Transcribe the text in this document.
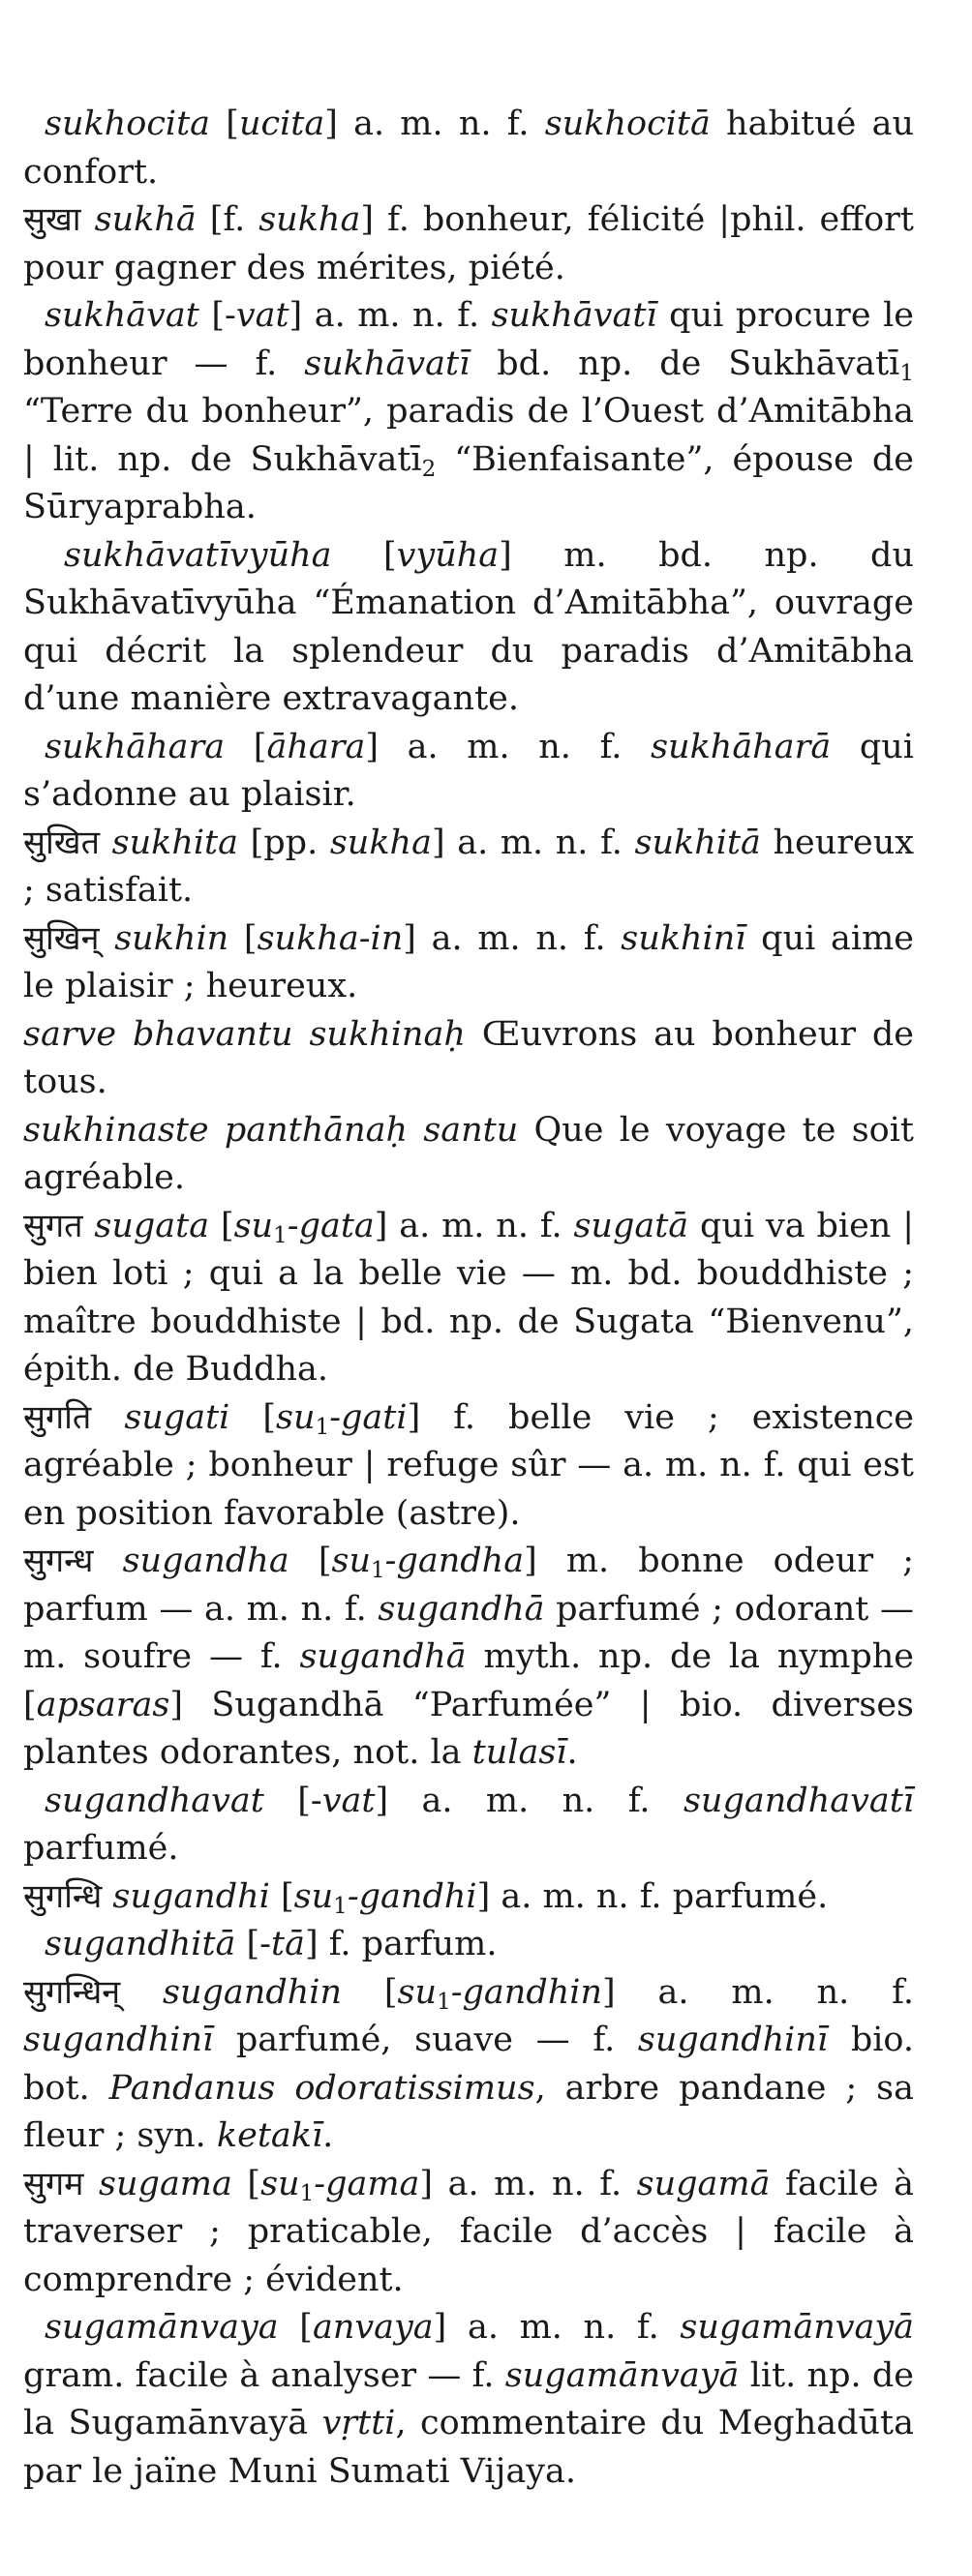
sukhocita [ucita] a. m. n. f. sukhocitā habitué au confort.

सुखा sukhā [f. sukha] f. bonheur, félicité |phil. effort pour gagner des mérites, piété.

sukhāvat [-vat] a. m. n. f. sukhāvatī qui procure le bonheur — f. sukhāvatī bd. np. de Sukhāvatī$_1$ “Terre du bonheur”, paradis de l’Ouest d’Amitābha | lit. np. de Sukhāvatī$_2$ “Bienfaisante”, épouse de Sūryaprabha.

sukhāvatīvyūha [vyūha] m. bd. np. du Sukhāvatīvyūha “Émanation d’Amitābha”, ouvrage qui décrit la splendeur du paradis d’Amitābha d’une manière extravagante.

sukhāhara [āhara] a. m. n. f. sukhāharā qui s’adonne au plaisir.

सुखित sukhita [pp. sukha] a. m. n. f. sukhitā heureux ; satisfait.

सुखिन् sukhin [sukha-in] a. m. n. f. sukhinī qui aime le plaisir ; heureux.

sarve bhavantu sukhinaḥ Œuvrons au bonheur de tous.

sukhinaste panthānaḥ santu Que le voyage te soit agréable.

सुगत sugata $[su_1-gata]$ a. m. n. f. sugatā qui va bien | bien loti ; qui a la belle vie — m. bd. bouddhiste ; maître bouddhiste | bd. np. de Sugata “Bienvenu”, épith. de Buddha.

सुगति sugati $[su_1-gati]$ f. belle vie ; existence agréable ; bonheur | refuge sûr — a. m. n. f. qui est en position favorable (astre).

सुगन्ध sugandha $[su_1-gandha]$ m. bonne odeur ; parfum — a. m. n. f. sugandhā parfumé ; odorant — m. soufre — f. sugandhā myth. np. de la nymphe [apsaras] Sugandhā “Parfumée” | bio. diverses plantes odorantes, not. la tulasī.

sugandhavat [-vat] a. m. n. f. sugandhavatī parfumé.

सुगन्धि sugandhi $[su_1-gandhi]$ a. m. n. f. parfumé.

sugandhitā [-tā] f. parfum.

सुगन्धिन् sugandhin $[su_1-gandhin]$ a. m. n. f. sugandhinī parfumé, suave — f. sugandhinī bio. bot. Pandanus odoratissimus, arbre pandane ; sa fleur ; syn. ketakī.

सुगम sugama $[su_1-gama]$ a. m. n. f. sugamā facile à traverser ; praticable, facile d’accès | facile à comprendre ; évident.

sugamānvaya [anvaya] a. m. n. f. sugamānvayā gram. facile à analyser — f. sugamānvayā lit. np. de la Sugamānvayā vṛtti, commentaire du Meghadūta par le jaïne Muni Sumati Vijaya.
